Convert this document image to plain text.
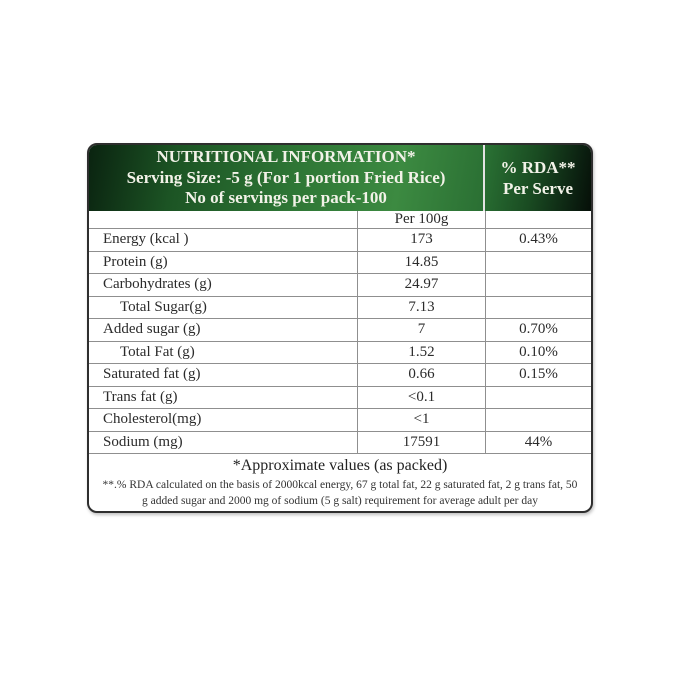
NUTRITIONAL INFORMATION*
Serving Size: -5 g (For 1 portion Fried Rice)
No of servings per pack-100
% RDA**
Per Serve
Per 100g
Energy (kcal )	173	0.43%
Protein (g)	14.85
Carbohydrates (g)	24.97
Total Sugar(g)	7.13
Added sugar (g)	7	0.70%
Total Fat (g)	1.52	0.10%
Saturated fat (g)	0.66	0.15%
Trans fat (g)	<0.1
Cholesterol(mg)	<1
Sodium (mg)	17591	44%
*Approximate values (as packed)
**.% RDA calculated on the basis of 2000kcal energy, 67 g total fat, 22 g saturated fat, 2 g trans fat, 50 g added sugar and 2000 mg of sodium (5 g salt) requirement for average adult per day
